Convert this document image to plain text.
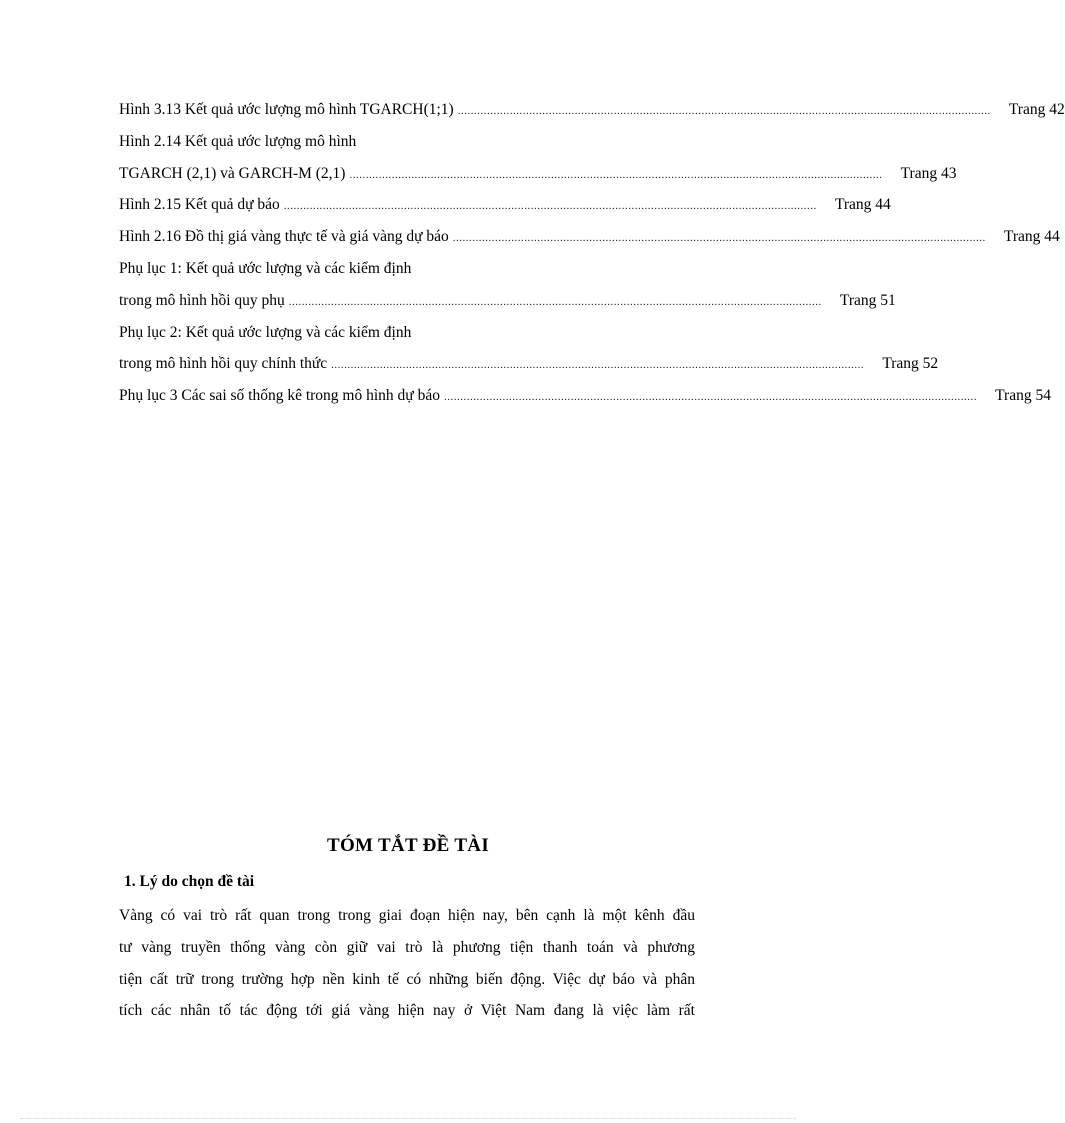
Hình 3.13 Kết quả ước lượng mô hình TGARCH(1;1) ....................................................................................................................................................................	Trang 42
Hình 2.14 Kết quả ước lượng mô hình
TGARCH (2,1) và GARCH-M (2,1) ....................................................................................................................................................................	Trang 43
Hình 2.15 Kết quả dự báo ....................................................................................................................................................................	Trang 44
Hình 2.16 Đồ thị giá vàng thực tế và giá vàng dự báo ....................................................................................................................................................................	Trang 44
Phụ lục 1: Kết quả ước lượng và các kiểm định
trong mô hình hồi quy phụ ....................................................................................................................................................................	Trang 51
Phụ lục 2: Kết quả ước lượng và các kiểm định
trong mô hình hồi quy chính thức ....................................................................................................................................................................	Trang 52
Phụ lục 3 Các sai số thống kê trong mô hình dự báo ....................................................................................................................................................................	Trang 54
TÓM TẮT ĐỀ TÀI
1. Lý do chọn đề tài
Vàng có vai trò rất quan trong trong giai đoạn hiện nay, bên cạnh là một kênh đầu
tư vàng truyền thống vàng còn giữ vai trò là phương tiện thanh toán và phương
tiện cất trữ trong trường hợp nền kinh tế có những biến động. Việc dự báo và phân
tích các nhân tố tác động tới giá vàng hiện nay ở Việt Nam đang là việc làm rất
